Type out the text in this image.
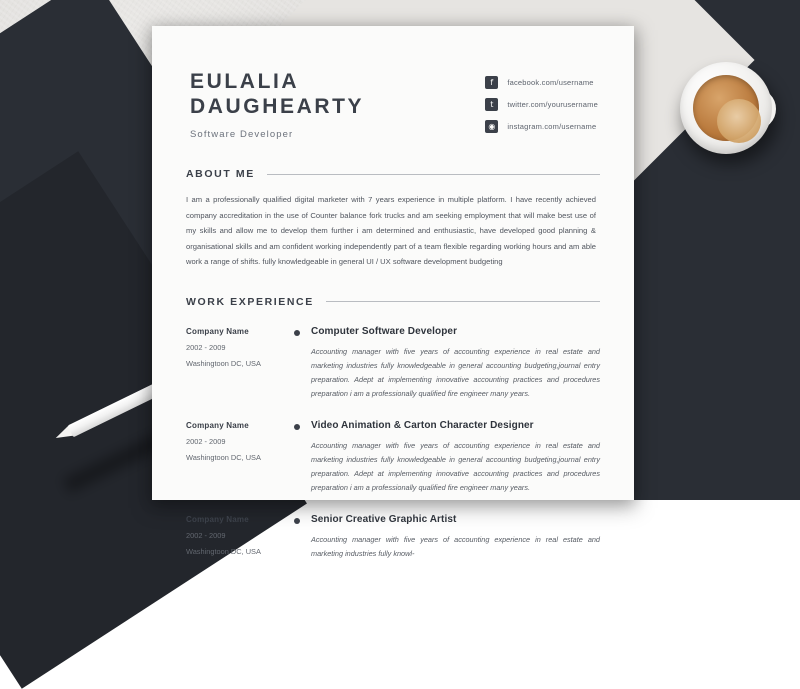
EULALIA
DAUGHEARTY
Software Developer
f	facebook.com/username
t	twitter.com/yourusername
◉	instagram.com/username
ABOUT ME
I am a professionally qualified digital marketer with 7 years experience in multiple platform. I have recently achieved company accreditation in the use of Counter balance fork trucks and am seeking employment that will make best use of my skills and allow me to develop them further i am determined and enthusiastic, have developed good planning & organisational skills and am confident working independently part of a team flexible regarding working hours and am able work a range of shifts. fully knowledgeable in general UI / UX software development budgeting
WORK EXPERIENCE
Company Name
2002 - 2009
Washingtoon DC, USA
Computer Software Developer
Accounting manager with five years of accounting experience in real estate and marketing industries fully knowledgeable in general accounting budgeting,journal entry preparation. Adept at implementing innovative accounting practices and procedures preparation i am a professionally qualified fire engineer many years.
Company Name
2002 - 2009
Washingtoon DC, USA
Video Animation & Carton Character Designer
Accounting manager with five years of accounting experience in real estate and marketing industries fully knowledgeable in general accounting budgeting,journal entry preparation. Adept at implementing innovative accounting practices and procedures preparation i am a professionally qualified fire engineer many years.
Company Name
2002 - 2009
Washingtoon DC, USA
Senior Creative Graphic Artist
Accounting manager with five years of accounting experience in real estate and marketing industries fully knowl-
